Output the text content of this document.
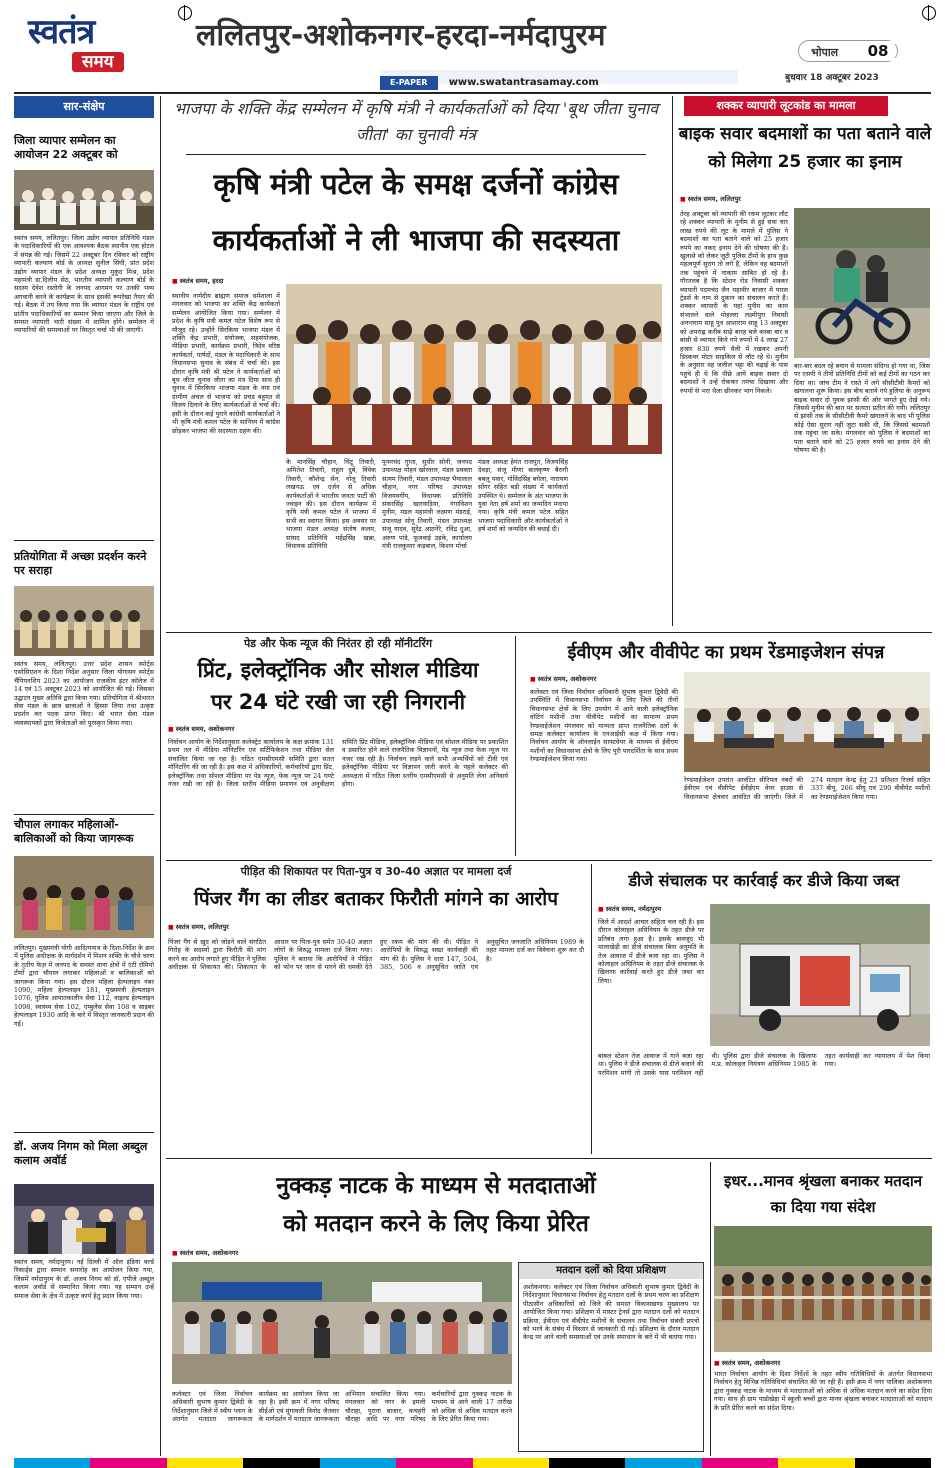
स्वतंत्र
समय
ललितपुर-अशोकनगर-हरदा-नर्मदापुरम
E-PAPER www.swatantrasamay.com
भोपाल	08
बुधवार 18 अक्टूबर 2023
सार-संक्षेप
जिला व्यापार सम्मेलन का आयोजन 22 अक्टूबर को
स्वतंत्र समय, ललितपुर। जिला उद्योग व्यापार प्रतिनिधि मंडल के पदाधिकारियों की एक आवश्यक बैठक स्थानीय एक होटल में संपन्न की गई। जिसमें 22 अक्टूबर दिन रविवार को राष्ट्रीय व्यापारी कल्याण बोर्ड के अध्यक्ष सुनील सिंघी, प्रांत प्रदेश उद्योग व्यापार मंडल के प्रदेश अध्यक्ष मुकुंद मिश्र, प्रदेश महामंत्री डा.दिलीप सेठ, भारतीय व्यापारी कल्याण बोर्ड के सदस्य देवेश रस्तोगी के जनपद आगमन पर उनकी भव्य अगवानी करने के कार्यक्रम के साथ इसकी रूपरेखा तैयार की गई। बैठक में तय किया गया कि व्यापार मंडल के राष्ट्रीय एवं प्रांतीय पदाधिकारियों का सम्मान किया जाएगा और जिले के समस्त व्यापारी भारी संख्या में शामिल होंगे। सम्मेलन में व्यापारियों की समस्याओं पर विस्तृत चर्चा भी की जाएगी।
प्रतियोगिता में अच्छा प्रदर्शन करने पर सराहा
स्वतंत्र समय, ललितपुर। उत्तर प्रदेश शासन स्पोर्ट्स एसोसिएशन के दिशा निर्देश अनुसार जिला योगासन स्पोर्ट्स चैंपियनशिप 2023 का आयोजन राजकीय इंटर कॉलेज में 14 एवं 15 अक्टूबर 2023 को आयोजित की गई। जिसका उद्घाटन मुख्य अतिथि द्वारा किया गया। प्रतियोगिता में श्रीभारत सेवा मंडल के छात्र छात्राओं ने हिस्सा लिया तथा उत्कृष्ट प्रदर्शन कर पदक प्राप्त किए। श्री भारत सेवा मंडल व्यवस्थापकों द्वारा विजेताओं को पुरस्कृत किया गया।
चौपाल लगाकर महिलाओं-बालिकाओं को किया जागरूक
ललितपुर। मुख्यमंत्री योगी आदित्यनाथ के दिशा-निर्देश के क्रम में पुलिस अधीक्षक के मार्गदर्शन में मिशन शक्ति के चौथे चरण के तृतीय फेज़ में जनपद के समस्त थाना क्षेत्रों में एंटी रोमियो टीमों द्वारा चौपाल लगाकर महिलाओं व बालिकाओं को जागरूक किया गया। इस दौरान महिला हेल्पलाइन नंबर 1090, महिला हेल्पलाइन 181, मुख्यमंत्री हेल्पलाइन 1076, पुलिस आपातकालीन सेवा 112, वाइल्ड हेल्पलाइन 1098, स्वास्थ्य सेवा 102, एम्बुलेंस सेवा 108 व साइबर हेल्पलाइन 1930 आदि के बारे में विस्तृत जानकारी प्रदान की गई।
डॉ. अजय निगम को मिला अब्दुल कलाम अवॉर्ड
स्वतंत्र समय, नर्मदापुरम। नई दिल्ली में ऑल इंडिया वर्ल्ड रिकार्ड्स द्वारा सम्मान समारोह का आयोजन किया गया, जिसमें नर्मदापुरम के डॉ. अजय निगम को डॉ. एपीजे अब्दुल कलाम अवॉर्ड से सम्मानित किया गया। यह सम्मान उन्हें समाज सेवा के क्षेत्र में उत्कृष्ट कार्य हेतु प्रदान किया गया।
भाजपा के शक्ति केंद्र सम्मेलन में कृषि मंत्री ने कार्यकर्ताओं को दिया 'बूथ जीता चुनाव जीता' का चुनावी मंत्र
कृषि मंत्री पटेल के समक्ष दर्जनों कांग्रेस
कार्यकर्ताओं ने ली भाजपा की सदस्यता
■ स्वतंत्र समय, हरदा
स्थानीय नार्मदीय ब्राह्मण समाज धर्मशाला में मंगलवार को भाजपा का शक्ति केंद्र कार्यकर्ता सम्मेलन आयोजित किया गया। सम्मेलन में प्रदेश के कृषि मंत्री कमल पटेल विशेष रूप से मौजूद रहे। उन्होंने सिरकिया भाजपा मंडल में शक्ति केंद्र प्रभारी, संयोजक, सहसंयोजक, मीडिया प्रभारी, कार्यक्रम प्रभारी, त्रिदेव वरिष्ठ कार्यकर्ता, पार्षदों, मंडल के पदाधिकारी के साथ विधानसभा चुनाव के संबंध में चर्चा की। इस दौरान कृषि मंत्री श्री पटेल ने कार्यकर्ताओं को बूथ जीता चुनाव जीता का मंत्र दिया साथ ही चुनाव में सिरकिया भाजपा मंडल के नया एवं ग्रामीण अंचल से भाजपा को प्रचंड बहुमत से विजय दिलाने के लिए कार्यकर्ताओं से चर्चा की। इसी के दौरान कई पुराने कांग्रेसी कार्यकर्ताओं ने भी कृषि मंत्री कमल पटेल के सानिध्य में कांग्रेस छोड़कर भाजपा की सदस्यता ग्रहण की।
के मानसिंह चौहान, चिंटू तिवारी, अमितेश तिवारी, राहुल दुबे, विवेक तिवारी, कौशेन्द्र सेन, गोलू तिवारी लखनऊ एवं दर्जन से अधिक कार्यकर्ताओं ने भारतीय जनता पार्टी की ज्वाइन की। इस दौरान कार्यक्रम में कृषि मंत्री कमल पटेल ने भाजपा में सभी का स्वागत किया। इस अवसर पर भाजपा मंडल अध्यक्ष संतोष कलम, सांसद प्रतिनिधि महेंद्रसिंह खन्ना, विधायक प्रतिनिधि
पूनमचंद गुप्ता, सुधीर सोनी, जनपद उपाध्यक्ष मोहन खोरवाल, मंडल प्रवक्ता सत्यम तिवारी, मंडल उपाध्यक्ष भैयालाल चौहान, नगर परिषद उपाध्यक्ष विजयवर्गीय, विधायक प्रतिनिधि संकरसिंह खारवाड़िया, गंगाविशन मुनीम, मंडल महामंत्री लक्ष्मण मंडराई, उपाध्यक्ष सोनू तिवारी, मंडल उपाध्यक्ष संजू यादव, सुरेंद्र आठनेरे, रविंद्र दुआ, अरुण पांडे, फूलवाई उड़के, कार्यालय मंत्री राजकुमार कड़बाल, किशन मोर्चा
मंडल अध्यक्ष हेमंत राजपूत, विजयसिंह देवड़ा, संजू मीणा बालकृष्ण बैरागी बबलू पवार, गोविंदसिंह बघेला, नारायण सोंगर सहित बड़ी संख्या में कार्यकर्ता उपस्थित थे। सम्मेलन के अंत भाजपा के युवा नेता हर्ष शर्मा का जन्मदिन मनाया गया। कृषि मंत्री कमल पटेल सहित भाजपा पदाधिकारी और कार्यकर्ताओं ने हर्ष शर्मा को जन्मदिन की बधाई दी।
शक्कर व्यापारी लूटकांड का मामला
बाइक सवार बदमाशों का पता बताने वाले को मिलेगा 25 हजार का इनाम
■ स्वतंत्र समय, ललितपुर
तेरह अक्टूबर को व्यापारी की रकम लूटकर लौट रहे शक्कर व्यापारी के मुनीम से हुई सवा चार लाख रुपये की लूट के मामले में पुलिस ने बदमाशों का पता बताने वाले को 25 हजार रुपये का नकद इनाम देने की घोषणा की है। खुलासे को लेकर जुटी पुलिस टीमों के हाथ कुछ महत्वपूर्ण सुराग तो लगे हैं, लेकिन वह बदमाशों तक पहुंचने में नाकाम साबित हो रहे हैं। गौरतलब है कि स्टेशन रोड निवासी शक्कर व्यापारी पदमचंद जैन महावीर बाजार में पारस ट्रेडर्स के नाम से दुकान का संचालन करते हैं। शक्कर व्यापारी के यहां मुनीम का काम संभालने वाले मोहल्ला लक्ष्मीपुरा निवासी अनन्तराम साहू पुत्र आशाराम साहू 13 अक्टूबर को अपराह्न करीब साढ़े बारह बजे कस्बा बार व बांसी से व्यापार किये गये रुपयों में 4 लाख 27 हजार 830 रुपये थैली में रखकर अपनी डिस्कवर मोटर साइकिल से लौट रहे थे। मुनीम के अनुसार वह जलील भट्टा की चढ़ाई के पास पहुंचे ही थे कि पीछे आये बाइक सवार दो बदमाशों ने उन्हें रोककर तमंचा दिखाया और रुपयों से भरा थैला छीनकर भाग निकले।
बार-बार बदल रहे बयान से मामला संदिग्ध हो गया था, जिस पर एसपी ने तीनों प्रतिनिधि टीमों को कई टीमों का गठन कर दिया था। जांच टीम ने रास्ते में लगे सीसीटीवी कैमरों को खंगालना शुरू किया। इस बीच बताये गये हुलिया के अनुरूप बाइक सवार दो युवक झांसी की ओर भागते हुए देखे गये। जिससे मुनीम की बात पर सत्यता प्रतीत की गयी। ललितपुर से झांसी तक के सीसीटीवी कैमरे खंगालने के बाद भी पुलिस कोई ऐसा सुराग नहीं जुटा सकी थी, कि जिससे बदमाशों तक पहुंचा जा सके। मंगलवार को पुलिस ने बदमाशों का पता बताने वाले को 25 हजार रुपये का इनाम देने की घोषणा की है।
पेड और फेक न्यूज की निरंतर हो रही मॉनीटरिंग
प्रिंट, इलेक्ट्रॉनिक और सोशल मीडिया
पर 24 घंटे रखी जा रही निगरानी
■ स्वतंत्र समय, अशोकनगर
निर्वाचन आयोग के निर्देशानुसार कलेक्ट्रेट कार्यालय के कक्ष क्रमांक 131 प्रथम तल में मीडिया मॉनिटरिंग एवं सर्टिफिकेशन तथा मीडिया सेल संचालित किया जा रहा है। गठित एमसीएमसी समिति द्वारा सतत मॉनिटरिंग की जा रही है। इस कक्ष में अधिकारियों, कर्मचारियों द्वारा प्रिंट, इलेक्ट्रॉनिक तथा सोशल मीडिया पर पेड न्यूज, फेक न्यूज पर 24 घण्टे नजर रखी जा रही है। जिला स्तरीय मीडिया प्रमाणन एवं अनुवीक्षण समिति प्रिंट मीडिया, इलेक्ट्रॉनिक मीडिया एवं सोशल मीडिया पर प्रकाशित व प्रसारित होने वाले राजनैतिक विज्ञापनों, पेड न्यूज तथा फेक न्यूज पर नजर रख रही है। निर्वाचन लड़ने वाले सभी अभ्यर्थियों को टीवी एवं इलेक्ट्रॉनिक मीडिया पर विज्ञापन जारी करने के पहले कलेक्टर की अध्यक्षता में गठित जिला स्तरीय एमसीएमसी से अनुमति लेना अनिवार्य होगा।
ईवीएम और वीवीपेट का प्रथम रेंडमाइजेशन संपन्न
■ स्वतंत्र समय, अशोकनगर
कलेक्टर एवं जिला निर्वाचन अधिकारी सुभाष कुमार द्विवेदी की उपस्थिति में विधानसभा निर्वाचन के लिए जिले की तीनों विधानसभा क्षेत्रों के लिए उपयोग में आने वाली इलेक्ट्रॉनिक वोटिंग मशीनों तथा वीवीपेट मशीनों का सामान्य प्रथम रेण्डमाईजेशन मंगलवार को मान्यता प्राप्त राजनैतिक दलों के समक्ष कलेक्टर कार्यालय के एनआईसी कक्ष में किया गया। निर्वाचन आयोग के ऑनलाईन साफ्टवेयर के माध्यम से ईवीएम मशीनों का विधानसभा क्षेत्रों के लिए पूरी पारदर्शिता के साथ प्रथम रेण्डमाईजेशन किया गया।
रेण्डमाईजेशन उपरांत आवंटित सीरियल नंबरों की ईवीएम एवं वीवीपेट ईवीईएम वेयर हाउस से विधानसभा क्षेत्रवार आवंटित की जाएंगी। जिले में 274 मतदान केन्द्र हेतु 23 प्रतिशत रिजर्व सहित 337 बीयू, 266 सीयू एवं 290 वीवीपेट मशीनों का रेण्डमाईजेशन किया गया।
पीड़ित की शिकायत पर पिता-पुत्र व 30-40 अज्ञात पर मामला दर्ज
पिंजर गैंग का लीडर बताकर फिरौती मांगने का आरोप
■ स्वतंत्र समय, ललितपुर
पिंजर गैंग से खुद को जोड़ने वाले संगठित गिरोह के सदस्यों द्वारा फिरौती की मांग करने का आरोप लगाते हुए पीड़ित ने पुलिस अधीक्षक से शिकायत की। शिकायत के आधार पर पिता-पुत्र समेत 30-40 अज्ञात लोगों के विरुद्ध मामला दर्ज किया गया। पुलिस ने बताया कि आरोपियों ने पीड़ित को फोन पर जान से मारने की धमकी देते हुए रकम की मांग की थी। पीड़ित ने आरोपियों के विरुद्ध सख्त कार्यवाही की मांग की है। पुलिस ने धारा 147, 504, 385, 506 व अनुसूचित जाति एवं अनुसूचित जनजाति अधिनियम 1989 के तहत मामला दर्ज कर विवेचना शुरू कर दी है।
डीजे संचालक पर कार्रवाई कर डीजे किया जब्त
■ स्वतंत्र समय, नर्मदापुरम
जिले में आदर्श आचार संहिता चल रही है। इस दौरान कोलाहल अधिनियम के तहत डीजे पर प्रतिबंध लगा हुआ है। इसके बावजूद भी मालाखेड़ी का डीजे संचालक बिना अनुमति के तेज आवाज में डीजे बजा रहा था। पुलिस ने कोलाहल अधिनियम के तहत डीजे संचालक के खिलाफ कार्रवाई करते हुए डीजे जब्त कर लिया।
बाबल स्टेशन तेज आवाज में गाने बजा रहा था। पुलिस ने डीजे संचालक से डीजे बजाने की परमिशन मांगी तो उसके पास परमिशन नहीं थी। पुलिस द्वारा डीजे संचालक के खिलाफ म.प्र. कोलाहल नियंत्रण अधिनियम 1985 के तहत कार्यवाही कर न्यायालय में पेश किया गया।
नुक्कड़ नाटक के माध्यम से मतदाताओं
को मतदान करने के लिए किया प्रेरित
■ स्वतंत्र समय, अशोकनगर
कलेक्टर एवं जिला निर्वाचन अधिकारी सुभाष कुमार द्विवेदी के निर्देशानुसार जिले में स्वीप प्लान के अंतर्गत मतदाता जागरूकता कार्यक्रम का आयोजन किया जा रहा है। इसी क्रम में नगर परिषद सीईओ एवं मुंगावली विनोद जैतवार के मार्गदर्शन में मतदाता जागरूकता अभियान संचालित किया गया। मंगलवार को नगर के इमली चौराहा, पुराना बाजार, कचहरी चौराहा आदि पर नगर परिषद कर्मचारियों द्वारा नुक्कड़ नाटक के माध्यम से आने वाली 17 तारीख को अधिक से अधिक मतदान करने के लिए प्रेरित किया गया।
मतदान दलों को दिया प्रशिक्षण
अशोकनगर। कलेक्टर एवं जिला निर्वाचन अधिकारी सुभाष कुमार द्विवेदी के निर्देशानुसार विधानसभा निर्वाचन हेतु मतदान दलों के प्रथम चरण का प्रशिक्षण पीठासीन अधिकारियों को जिले की समस्त विकासखण्ड मुख्यालय पर आयोजित किया गया। प्रशिक्षण में मास्टर ट्रेनर्स द्वारा मतदान दलों को मतदान प्रक्रिया, ईवीएम एवं वीवीपेट मशीनों के संचालन तथा निर्वाचन संबंधी प्रपत्रों को भरने के संबंध में विस्तार से जानकारी दी गई। प्रशिक्षण के दौरान मतदान केन्द्र पर आने वाली समस्याओं एवं उनके समाधान के बारे में भी बताया गया।
इधर...मानव श्रृंखला बनाकर मतदान का दिया गया संदेश
■ स्वतंत्र समय, अशोकनगर
भारत निर्वाचन आयोग के दिशा निर्देशों के तहत स्वीप गतिविधियों के अंतर्गत विधानसभा निर्वाचन हेतु विभिन्न गतिविधियां संचालित की जा रही हैं। इसी क्रम में नगर पालिका अशोकनगर द्वारा नुक्कड़ नाटक के माध्यम से मतदाताओं को अधिक से अधिक मतदान करने का संदेश दिया गया। साथ ही ग्राम पाडोखेड़ा में स्कूली बच्चों द्वारा मानव श्रृंखला बनाकर मतदाताओं को मतदान के प्रति प्रेरित करने का संदेश दिया।
